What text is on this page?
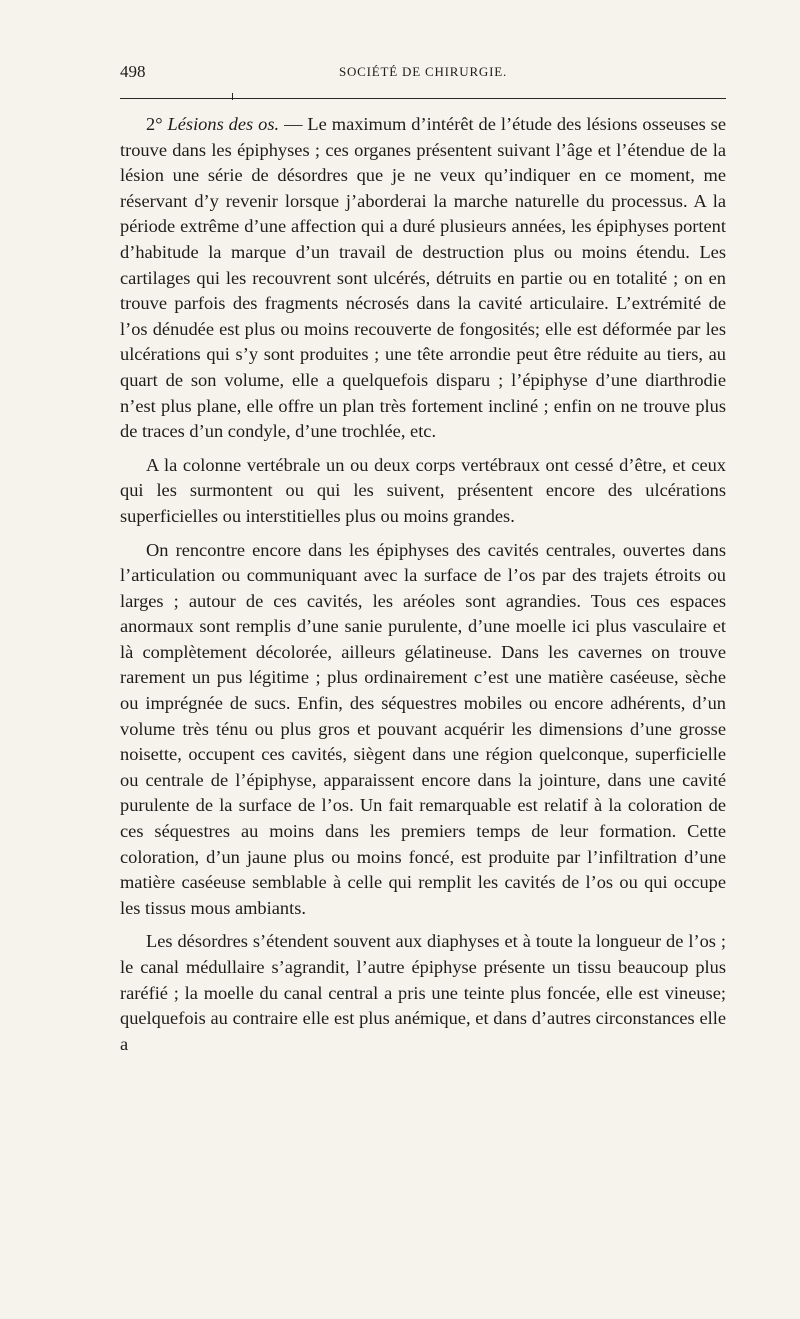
498	SOCIÉTÉ DE CHIRURGIE.

2° Lésions des os. — Le maximum d’intérêt de l’étude des lésions osseuses se trouve dans les épiphyses ; ces organes présentent suivant l’âge et l’étendue de la lésion une série de désordres que je ne veux qu’indiquer en ce moment, me réservant d’y revenir lorsque j’aborderai la marche naturelle du processus. A la période extrême d’une affection qui a duré plusieurs années, les épiphyses portent d’habitude la marque d’un travail de destruction plus ou moins étendu. Les cartilages qui les recouvrent sont ulcérés, détruits en partie ou en totalité ; on en trouve parfois des fragments nécrosés dans la cavité articulaire. L’extrémité de l’os dénudée est plus ou moins recouverte de fongosités; elle est déformée par les ulcérations qui s’y sont produites ; une tête arrondie peut être réduite au tiers, au quart de son volume, elle a quelquefois disparu ; l’épiphyse d’une diarthrodie n’est plus plane, elle offre un plan très fortement incliné ; enfin on ne trouve plus de traces d’un condyle, d’une trochlée, etc.

A la colonne vertébrale un ou deux corps vertébraux ont cessé d’être, et ceux qui les surmontent ou qui les suivent, présentent encore des ulcérations superficielles ou interstitielles plus ou moins grandes.

On rencontre encore dans les épiphyses des cavités centrales, ouvertes dans l’articulation ou communiquant avec la surface de l’os par des trajets étroits ou larges ; autour de ces cavités, les aréoles sont agrandies. Tous ces espaces anormaux sont remplis d’une sanie purulente, d’une moelle ici plus vasculaire et là complètement décolorée, ailleurs gélatineuse. Dans les cavernes on trouve rarement un pus légitime ; plus ordinairement c’est une matière caséeuse, sèche ou imprégnée de sucs. Enfin, des séquestres mobiles ou encore adhérents, d’un volume très ténu ou plus gros et pouvant acquérir les dimensions d’une grosse noisette, occupent ces cavités, siègent dans une région quelconque, superficielle ou centrale de l’épiphyse, apparaissent encore dans la jointure, dans une cavité purulente de la surface de l’os. Un fait remarquable est relatif à la coloration de ces séquestres au moins dans les premiers temps de leur formation. Cette coloration, d’un jaune plus ou moins foncé, est produite par l’infiltration d’une matière caséeuse semblable à celle qui remplit les cavités de l’os ou qui occupe les tissus mous ambiants.

Les désordres s’étendent souvent aux diaphyses et à toute la longueur de l’os ; le canal médullaire s’agrandit, l’autre épiphyse présente un tissu beaucoup plus raréfié ; la moelle du canal central a pris une teinte plus foncée, elle est vineuse; quelquefois au contraire elle est plus anémique, et dans d’autres circonstances elle a
